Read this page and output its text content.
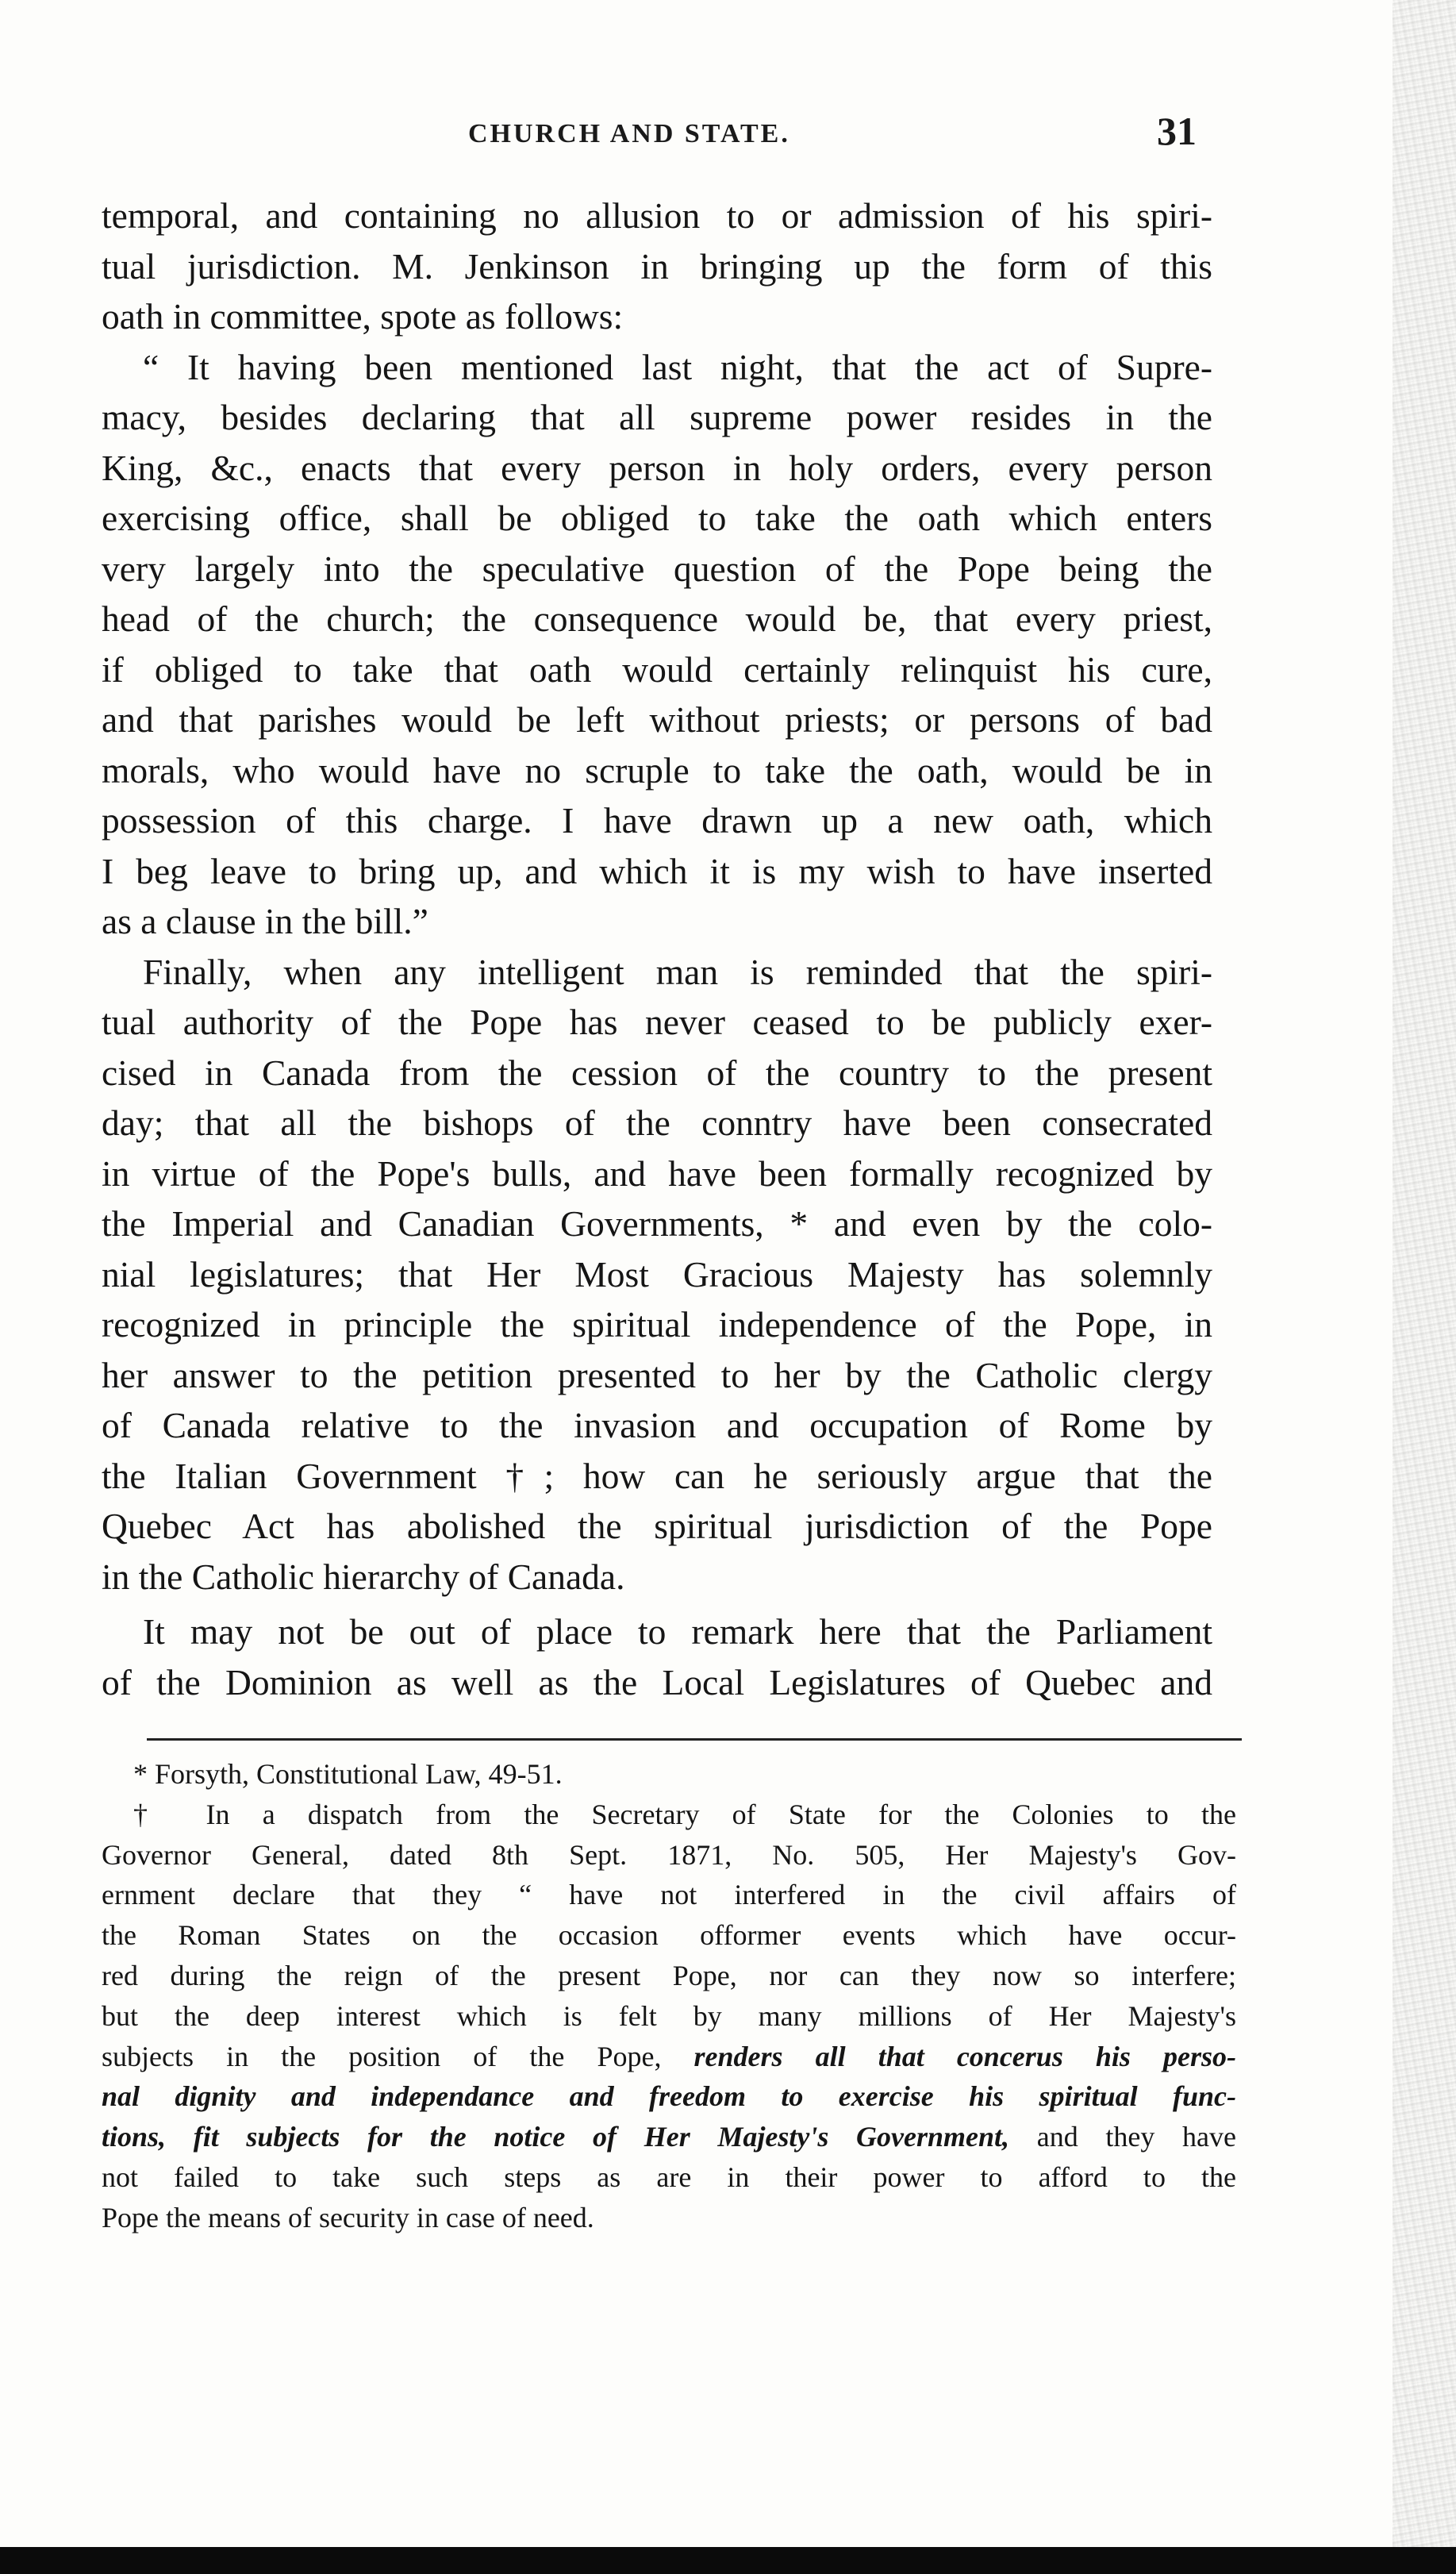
CHURCH AND STATE.	31
temporal, and containing no allusion to or admission of his spiri-
tual jurisdiction. M. Jenkinson in bringing up the form of this
oath in committee, spote as follows:
“ It having been mentioned last night, that the act of Supre-
macy, besides declaring that all supreme power resides in the
King, &c., enacts that every person in holy orders, every person
exercising office, shall be obliged to take the oath which enters
very largely into the speculative question of the Pope being the
head of the church; the consequence would be, that every priest,
if obliged to take that oath would certainly relinquist his cure,
and that parishes would be left without priests; or persons of bad
morals, who would have no scruple to take the oath, would be in
possession of this charge. I have drawn up a new oath, which
I beg leave to bring up, and which it is my wish to have inserted
as a clause in the bill.”
Finally, when any intelligent man is reminded that the spiri-
tual authority of the Pope has never ceased to be publicly exer-
cised in Canada from the cession of the country to the present
day; that all the bishops of the conntry have been consecrated
in virtue of the Pope's bulls, and have been formally recognized by
the Imperial and Canadian Governments, * and even by the colo-
nial legislatures; that Her Most Gracious Majesty has solemnly
recognized in principle the spiritual independence of the Pope, in
her answer to the petition presented to her by the Catholic clergy
of Canada relative to the invasion and occupation of Rome by
the Italian Government †; how can he seriously argue that the
Quebec Act has abolished the spiritual jurisdiction of the Pope
in the Catholic hierarchy of Canada.
It may not be out of place to remark here that the Parliament
of the Dominion as well as the Local Legislatures of Quebec and
* Forsyth, Constitutional Law, 49-51.
† In a dispatch from the Secretary of State for the Colonies to the
Governor General, dated 8th Sept. 1871, No. 505, Her Majesty's Gov-
ernment declare that they “ have not interfered in the civil affairs of
the Roman States on the occasion offormer events which have occur-
red during the reign of the present Pope, nor can they now so interfere;
but the deep interest which is felt by many millions of Her Majesty's
subjects in the position of the Pope, renders all that concerus his perso-
nal dignity and independance and freedom to exercise his spiritual func-
tions, fit subjects for the notice of Her Majesty's Government, and they have
not failed to take such steps as are in their power to afford to the
Pope the means of security in case of need.
